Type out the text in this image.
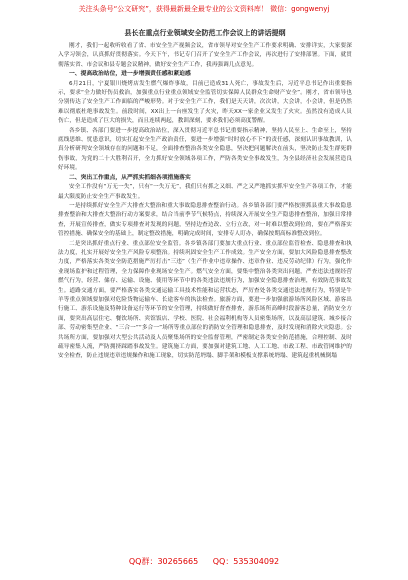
关注头条号“公文研究”，获得最新最全最专业的公文资料库！ 微信：gongwenyj
县长在重点行业领域安全防范工作会议上的讲话提纲

刚才，我们一起收听收看了省、市安全生产视频会议，省市领导对安全生产工作要求明确、安排详实，大家要深入学习领会，认真抓好贯彻落实。今天下午，书记专门召开了安全生产工作会议，再次进行了安排部署。下面，就贯彻落实省、市会议和县专题会议精神，做好安全生产工作，我再强调几点意见。

一、提高政治站位，进一步增强责任感和紧迫感

6月21日，宁夏银川烧烤店发生燃气爆炸事故，目前已造成31人死亡，事故发生后，习近平总书记作出重要指示，要求“全力做好伤员救治，加强重点行业重点领域安全监管切实保障人民群众生命财产安全”。刚才，省市领导也分别传达了安全生产工作面临的严峻形势。对于安全生产工作，我们是天天讲，次次讲，大会讲，小会讲，但是仍然难以彻底杜绝事故发生。前段时间，XX出上一台座发生了火灾，昨天XX一家企业又发生了火灾。虽然没有造成人员伤亡，但是造成了巨大的损失，而且连续两起，教训深刻，要求我们必须高度警醒。

各乡镇、各部门要进一步提高政治站位，深入贯彻习近平总书记重要指示精神，坚持人民至上、生命至上，坚持底线思维、忧患意识，切实扛起安全生产政治责任，要进一步增强“时时放心不下”的责任感，深刻认识事故教训，认真分析研判安全领域存在的问题和不足，全面排查整治各类安全隐患，坚决把问题解决在前头，坚决防止发生群死群伤事故，为党的二十大胜利召开，全力抓好安全领域各项工作，严防各类安全事故发生，为全县经济社会发展营造良好环境。

二、突出工作重点，从严抓实抓细各项措施落实

安全工作没有“万无一失”，只有“一失万无”，我们只有抓之又细、严之又严地抓实抓牢安全生产各项工作，才能最大限度防止安全生产事故发生。

一是持续抓好安全生产大排查大整治和重大事故隐患排查整治行动。各乡镇各部门要严格按照抓县重大事故隐患排查整治和大排查大整治行动方案要求，结合当前季节气候特点，持续深入开展安全生产隐患排查整治，加强日常排查，开展宣传排查，做实专项排查对发现的问题，坚持边查边改、立行立改，对一时难以整改到位的，要在严格落实管控措施、确保安全的基础上，制定整改措施，明确完成时间，安排专人盯办，确保按期高标准整改到位。

二是突出抓好重点行业、重点部位安全监管。各乡镇各部门要加大重点行业、重点部位监管检查、隐患排查和执法力度，扎实开展好安全生产风险专项整治。持续巩固安全生产工作成效。生产安全方面，要加大风险隐患排查整改力度，严格落实各类安全防范措施严厉打击“三违”（生产作业中违章操作、违章作业、违反劳动纪律）行为，强化作业现场监护和过程管理，全力保障作业现场安全生产。燃气安全方面，要集中整治各类突出问题，严查违法违规经营燃气行为，经营、储存、运输、设施、使用等环节中的各类违法违规行为，加强安全隐患排查治理，有效防范事故发生。道路交通方面，要严格落实各类交通运输工具技术性能和运营状态，严厉查处各类交通违法违规行为，特别是牛羊等重点领域要加强对危险货物运输车、长途客车的执法检查。旅游方面，要进一步加强旅游场所风险区域、游客出行施工、游乐设施及特种设备运行等环节的安全管理，持续做好督查排查，游乐场所高峰时段游客总量，消防安全方面，要突出高层住宅、餐饮场所、宾馆饭店、学校、医院、社会福利机构等人员密集场所，以及高层建筑、城乡接合部、劳动密集型企业、“三合一”“多合一”场所等重点部位的消防安全管理和隐患排查，及时发现和消除火灾隐患。公共场所方面，要加强对大型公共活动及人员聚集场所的安全监督管理，严密制定各类安全防范措施，合理控制、及时疏导密集人流，严防拥挤踩踏事故发生。建筑施工方面，要加强对建筑工地、人工工地、市政工程、市政管网维护的安全检查，防止违规违章违规操作和施工现象，切实防范坍塌、脚手架和模板支撑系统坍塌、建筑起重机械倒塌

QQ群：30265665 QQ：535304092
